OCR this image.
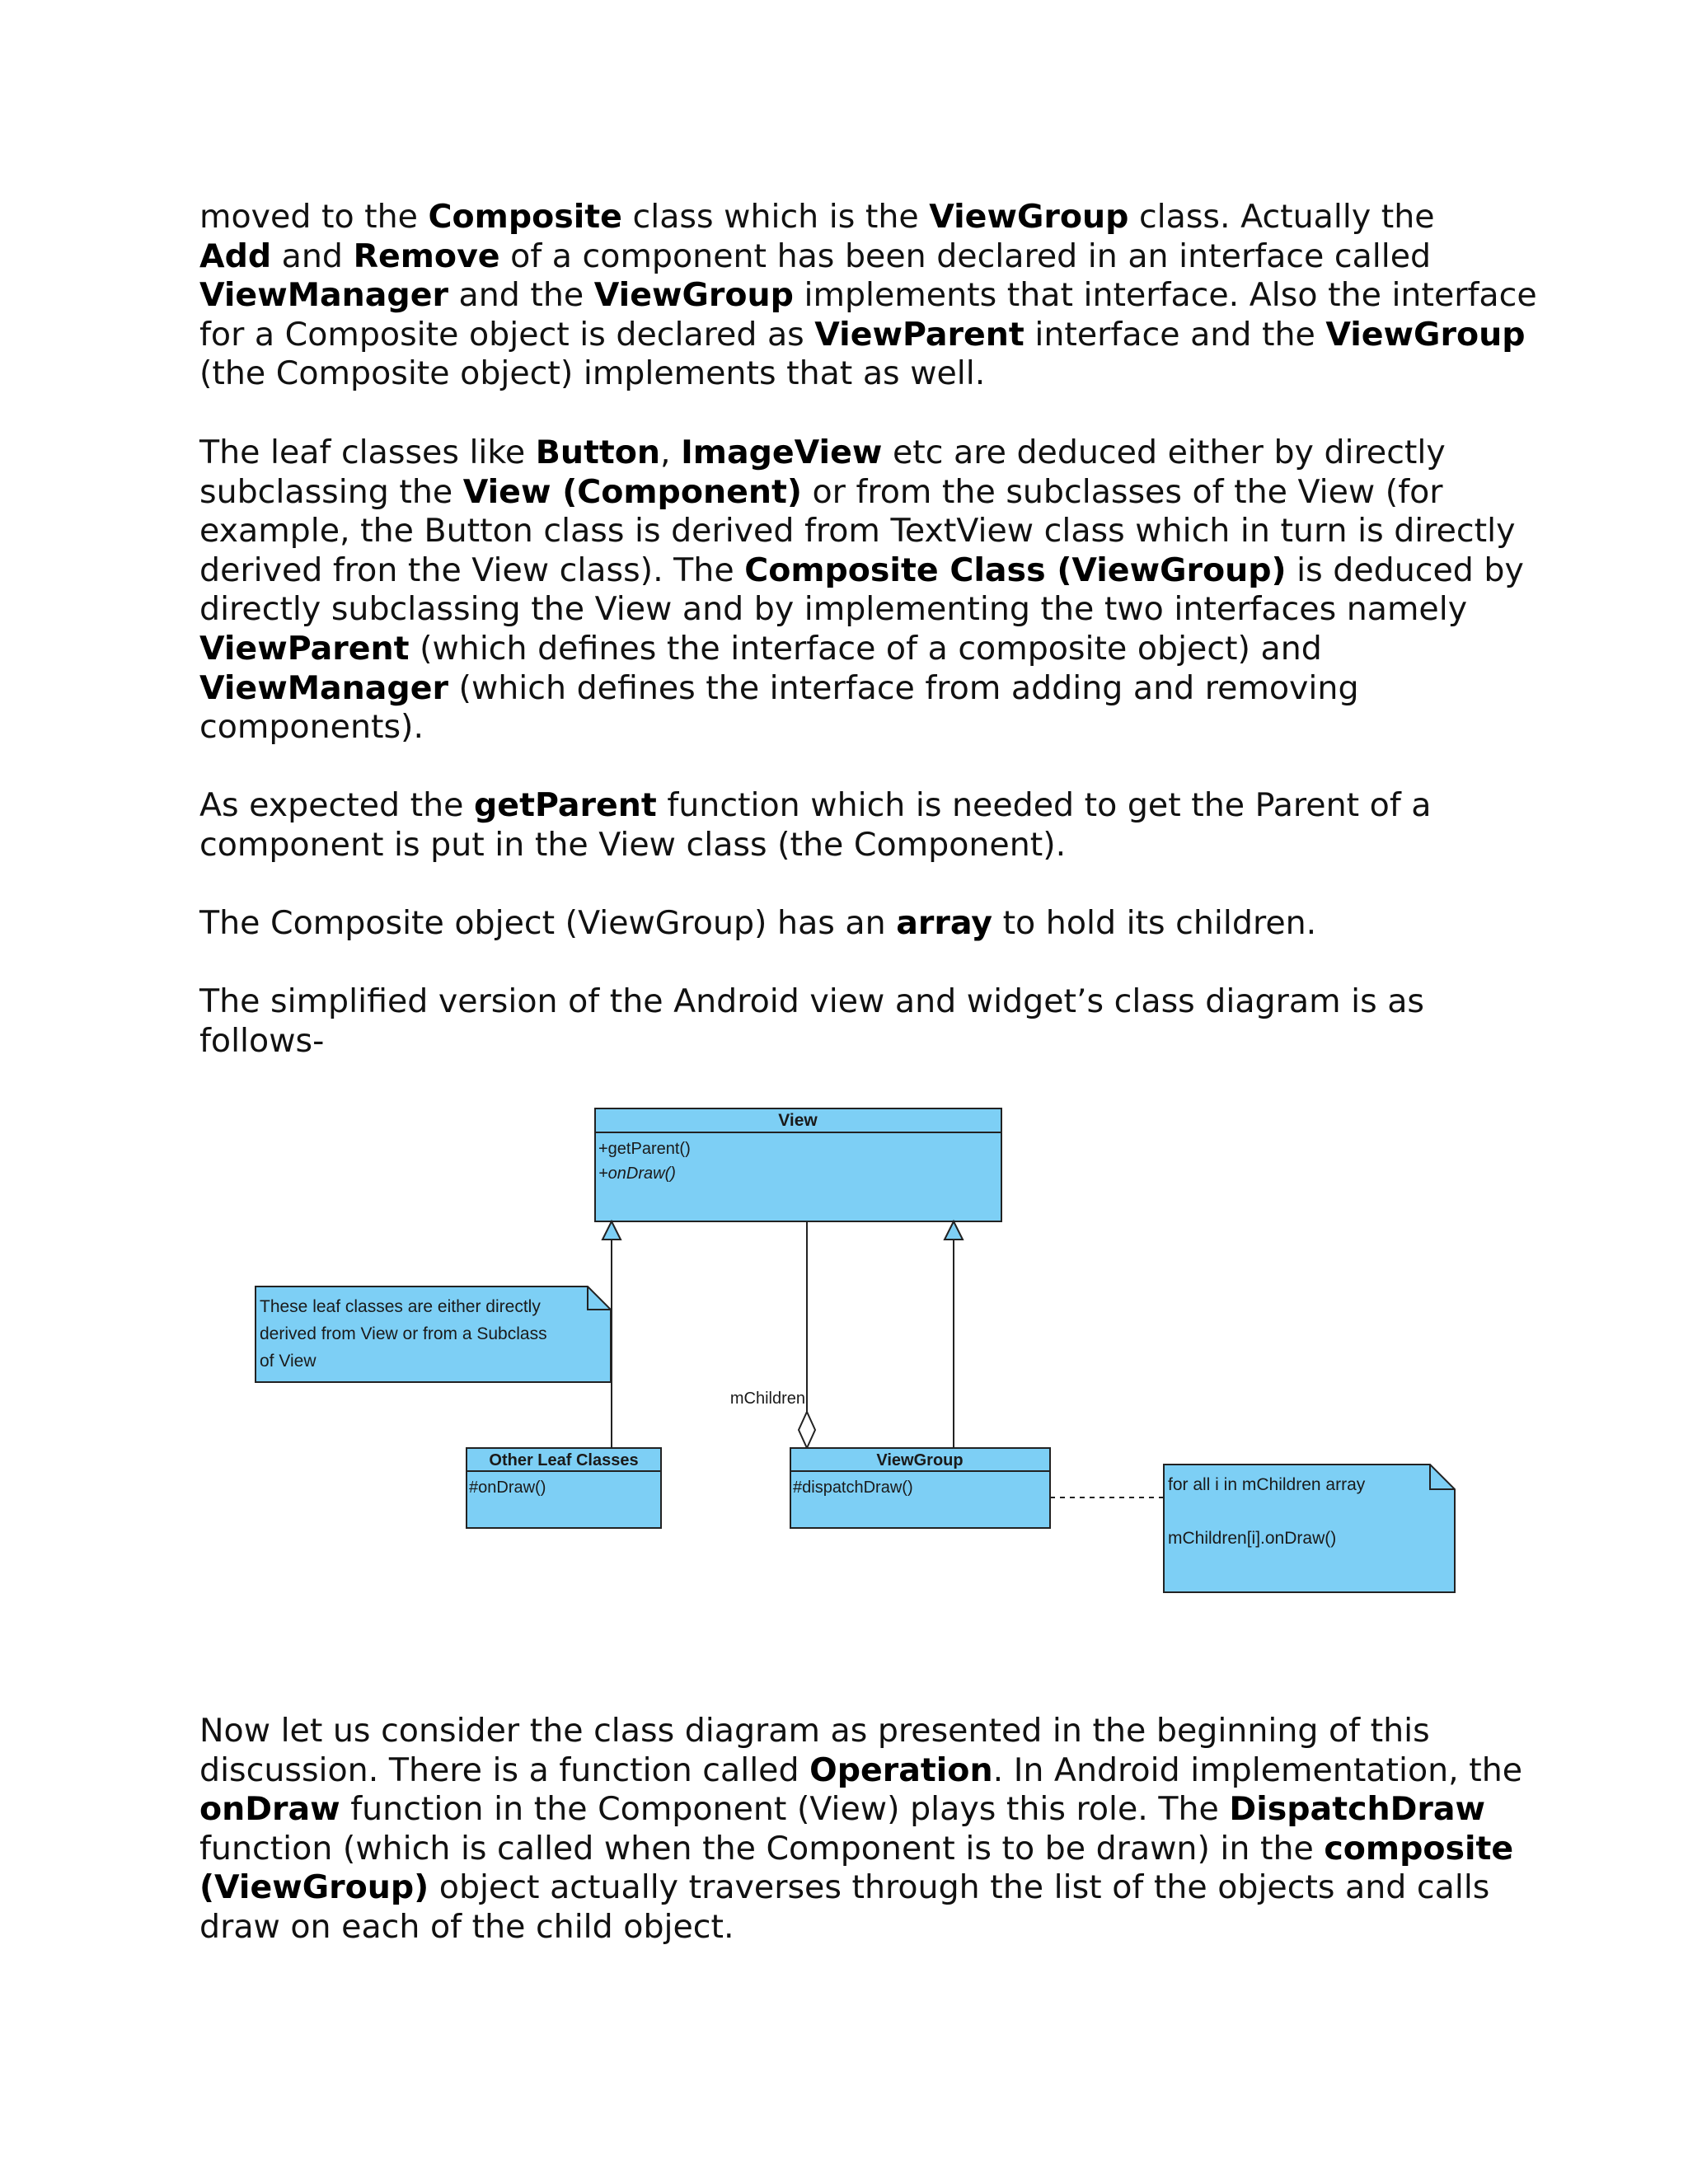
moved to the Composite class which is the ViewGroup class. Actually the
Add and Remove of a component has been declared in an interface called ViewManager and the ViewGroup implements that interface. Also the interface for a Composite object is declared as ViewParent interface and the ViewGroup (the Composite object) implements that as well.

The leaf classes like Button, ImageView etc are deduced either by directly subclassing the View (Component) or from the subclasses of the View (for example, the Button class is derived from TextView class which in turn is directly derived fron the View class). The Composite Class (ViewGroup) is deduced by directly subclassing the View and by implementing the two interfaces namely ViewParent (which defines the interface of a composite object) and ViewManager (which defines the interface from adding and removing components).

As expected the getParent function which is needed to get the Parent of a component is put in the View class (the Component).

The Composite object (ViewGroup) has an array to hold its children.

The simplified version of the Android view and widget’s class diagram is as follows-

View
+getParent()
+onDraw()
mChildren
These leaf classes are either directly
derived from View or from a Subclass
of View
Other Leaf Classes
#onDraw()
ViewGroup
#dispatchDraw()	for all i in mChildren array
mChildren[i].onDraw()

Now let us consider the class diagram as presented in the beginning of this discussion. There is a function called Operation. In Android implementation, the onDraw function in the Component (View) plays this role. The DispatchDraw function (which is called when the Component is to be drawn) in the composite (ViewGroup) object actually traverses through the list of the objects and calls draw on each of the child object.
